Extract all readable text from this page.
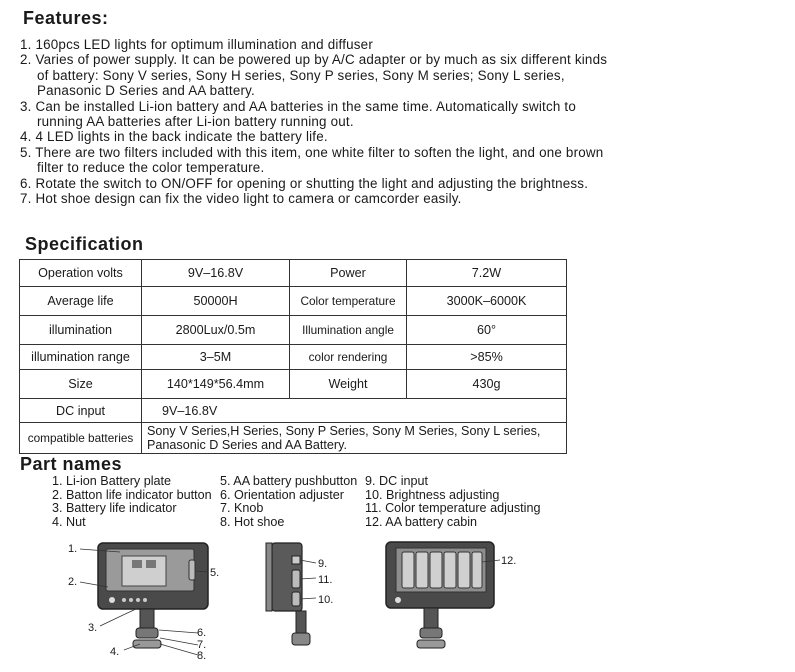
Features:
1. 160pcs LED lights for optimum illumination and diffuser
2. Varies of power supply. It can be powered up by A/C adapter or by much as six different kinds of battery: Sony V series, Sony H series, Sony P series, Sony M series; Sony L series, Panasonic D Series and AA battery.
3. Can be installed Li-ion battery and AA batteries in the same time. Automatically switch to running AA batteries after Li-ion battery running out.
4. 4 LED lights in the back indicate the battery life.
5. There are two filters included with this item, one white filter to soften the light, and one brown filter to reduce the color temperature.
6. Rotate the switch to ON/OFF for opening or shutting the light and adjusting the brightness.
7. Hot shoe design can fix the video light to camera or camcorder easily.
Specification
Operation volts	9V–16.8V	Power	7.2W
Average life	50000H	Color temperature	3000K–6000K
illumination	2800Lux/0.5m	Illumination angle	60°
illumination range	3–5M	color rendering	>85%
Size	140*149*56.4mm	Weight	430g
DC input	9V–16.8V		
compatible batteries	Sony V Series,H Series, Sony P Series, Sony M Series, Sony L series, Panasonic D Series and AA Battery.		
Part names
1. Li-ion Battery plate
2. Batton life indicator button
3. Battery life indicator
4. Nut
5. AA battery pushbutton
6. Orientation adjuster
7. Knob
8. Hot shoe
9. DC input
10. Brightness adjusting
11. Color temperature adjusting
12. AA battery cabin
1.
2.
3.
4.
5.
6.
7.
8.
9.
11.
10.
12.
